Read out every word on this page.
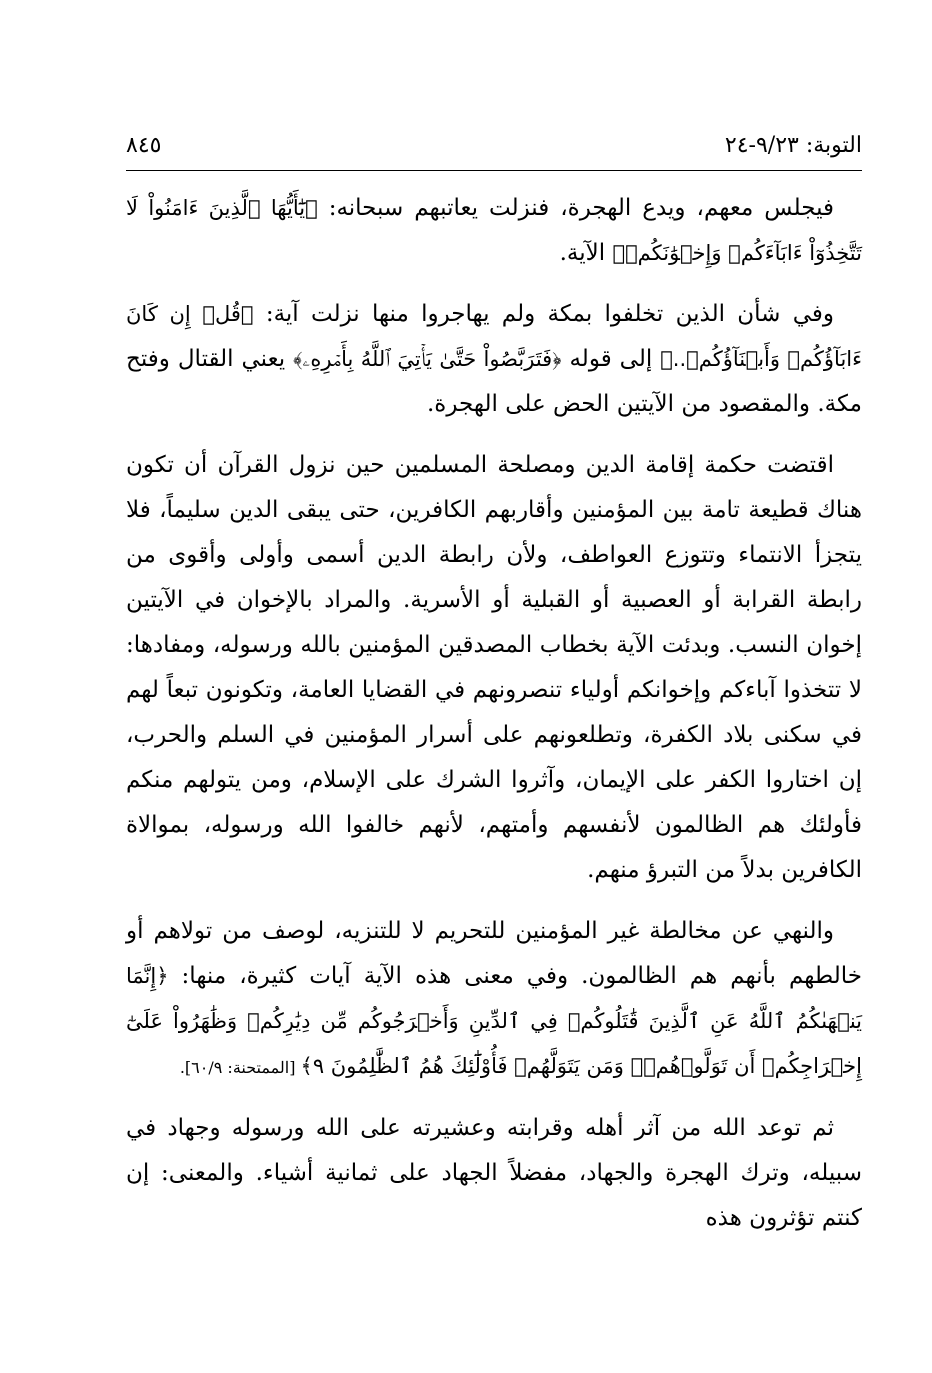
التوبة: ٩/٢٣-٢٤
٨٤٥

فيجلس معهم، ويدع الهجرة، فنزلت يعاتبهم سبحانه: ﴿يَٰٓأَيُّهَا ٱلَّذِينَ ءَامَنُواْ لَا تَتَّخِذُوٓاْ ءَابَآءَكُمۡ وَإِخۡوَٰنَكُمۡ﴾ الآية.

وفي شأن الذين تخلفوا بمكة ولم يهاجروا منها نزلت آية: ﴿قُلۡ إِن كَانَ ءَابَآؤُكُمۡ وَأَبۡنَآؤُكُمۡ..﴾ إلى قوله ﴿فَتَرَبَّصُواْ حَتَّىٰ يَأۡتِيَ ٱللَّهُ بِأَمۡرِهِۦ﴾ يعني القتال وفتح مكة. والمقصود من الآيتين الحض على الهجرة.

اقتضت حكمة إقامة الدين ومصلحة المسلمين حين نزول القرآن أن تكون هناك قطيعة تامة بين المؤمنين وأقاربهم الكافرين، حتى يبقى الدين سليماً، فلا يتجزأ الانتماء وتتوزع العواطف، ولأن رابطة الدين أسمى وأولى وأقوى من رابطة القرابة أو العصبية أو القبلية أو الأسرية. والمراد بالإخوان في الآيتين إخوان النسب. وبدئت الآية بخطاب المصدقين المؤمنين بالله ورسوله، ومفادها: لا تتخذوا آباءكم وإخوانكم أولياء تنصرونهم في القضايا العامة، وتكونون تبعاً لهم في سكنى بلاد الكفرة، وتطلعونهم على أسرار المؤمنين في السلم والحرب، إن اختاروا الكفر على الإيمان، وآثروا الشرك على الإسلام، ومن يتولهم منكم فأولئك هم الظالمون لأنفسهم وأمتهم، لأنهم خالفوا الله ورسوله، بموالاة الكافرين بدلاً من التبرؤ منهم.

والنهي عن مخالطة غير المؤمنين للتحريم لا للتنزيه، لوصف من تولاهم أو خالطهم بأنهم هم الظالمون. وفي معنى هذه الآية آيات كثيرة، منها: ﴿إِنَّمَا يَنۡهَىٰكُمُ ٱللَّهُ عَنِ ٱلَّذِينَ قَٰتَلُوكُمۡ فِي ٱلدِّينِ وَأَخۡرَجُوكُم مِّن دِيَٰرِكُمۡ وَظَٰهَرُواْ عَلَىٰٓ إِخۡرَاجِكُمۡ أَن تَوَلَّوۡهُمۡۚ وَمَن يَتَوَلَّهُمۡ فَأُوْلَٰٓئِكَ هُمُ ٱلظَّٰلِمُونَ ٩﴾ [الممتحنة: ٦٠/٩].

ثم توعد الله من آثر أهله وقرابته وعشيرته على الله ورسوله وجهاد في سبيله، وترك الهجرة والجهاد، مفضلاً الجهاد على ثمانية أشياء. والمعنى: إن كنتم تؤثرون هذه
